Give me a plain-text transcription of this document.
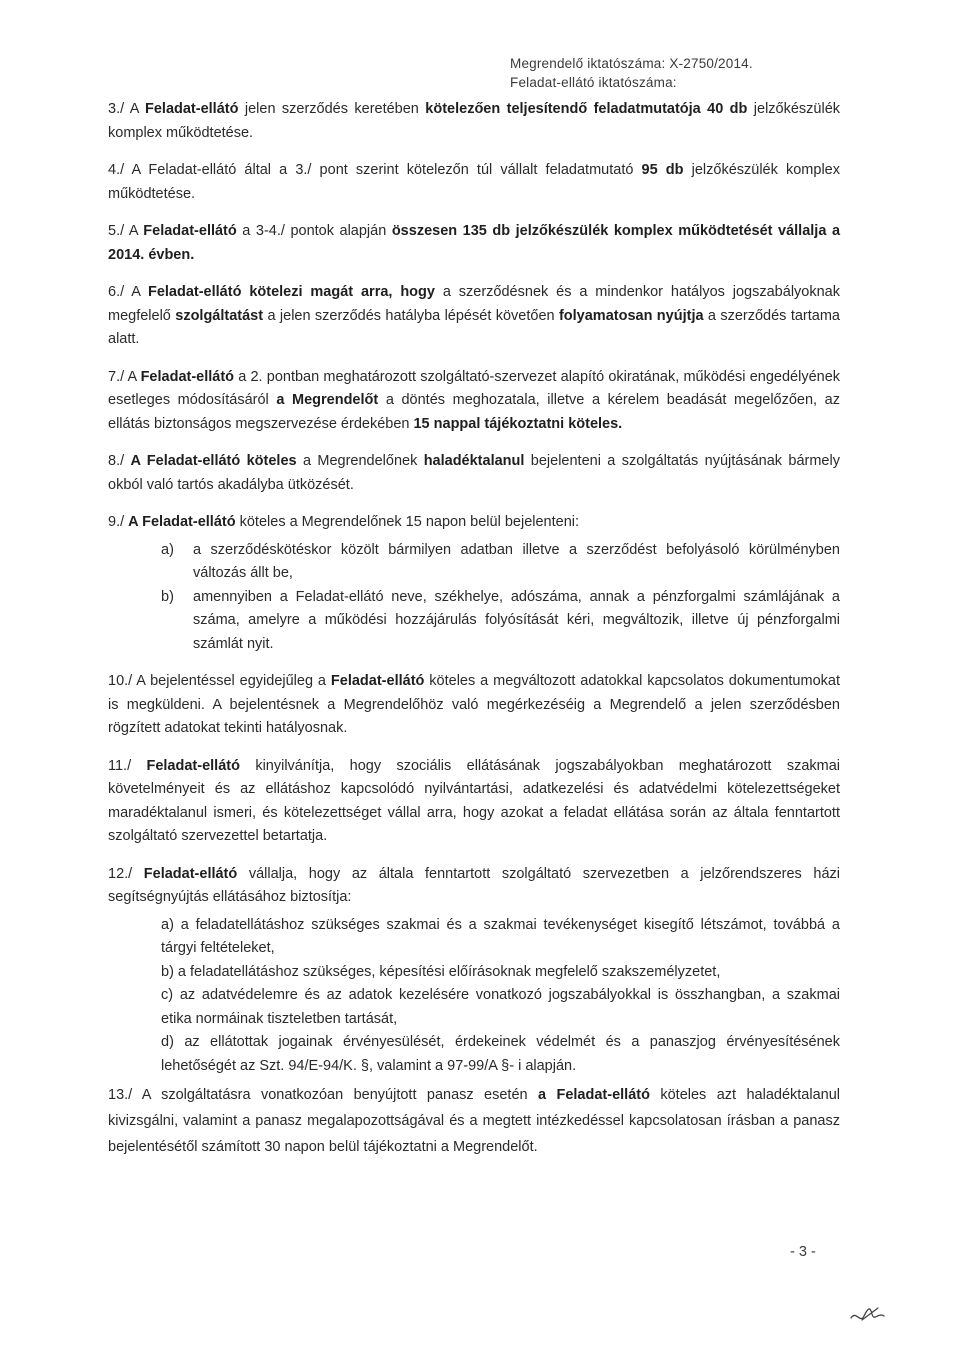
Megrendelő iktatószáma: X-2750/2014.
Feladat-ellátó iktatószáma:

3./ A Feladat-ellátó jelen szerződés keretében kötelezően teljesítendő feladatmutatója 40 db jelzőkészülék komplex működtetése.

4./ A Feladat-ellátó által a 3./ pont szerint kötelezőn túl vállalt feladatmutató 95 db jelzőkészülék komplex működtetése.

5./ A Feladat-ellátó a 3-4./ pontok alapján összesen 135 db jelzőkészülék komplex működtetését vállalja a 2014. évben.

6./ A Feladat-ellátó kötelezi magát arra, hogy a szerződésnek és a mindenkor hatályos jogszabályoknak megfelelő szolgáltatást a jelen szerződés hatályba lépését követően folyamatosan nyújtja a szerződés tartama alatt.

7./ A Feladat-ellátó a 2. pontban meghatározott szolgáltató-szervezet alapító okiratának, működési engedélyének esetleges módosításáról a Megrendelőt a döntés meghozatala, illetve a kérelem beadását megelőzően, az ellátás biztonságos megszervezése érdekében 15 nappal tájékoztatni köteles.

8./ A Feladat-ellátó köteles a Megrendelőnek haladéktalanul bejelenteni a szolgáltatás nyújtásának bármely okból való tartós akadályba ütközését.

9./ A Feladat-ellátó köteles a Megrendelőnek 15 napon belül bejelenteni:

a) a szerződéskötéskor közölt bármilyen adatban illetve a szerződést befolyásoló körülményben változás állt be,
b) amennyiben a Feladat-ellátó neve, székhelye, adószáma, annak a pénzforgalmi számlájának a száma, amelyre a működési hozzájárulás folyósítását kéri, megváltozik, illetve új pénzforgalmi számlát nyit.

10./ A bejelentéssel egyidejűleg a Feladat-ellátó köteles a megváltozott adatokkal kapcsolatos dokumentumokat is megküldeni. A bejelentésnek a Megrendelőhöz való megérkezéséig a Megrendelő a jelen szerződésben rögzített adatokat tekinti hatályosnak.

11./ Feladat-ellátó kinyilvánítja, hogy szociális ellátásának jogszabályokban meghatározott szakmai követelményeit és az ellátáshoz kapcsolódó nyilvántartási, adatkezelési és adatvédelmi kötelezettségeket maradéktalanul ismeri, és kötelezettséget vállal arra, hogy azokat a feladat ellátása során az általa fenntartott szolgáltató szervezettel betartatja.

12./ Feladat-ellátó vállalja, hogy az általa fenntartott szolgáltató szervezetben a jelzőrendszeres házi segítségnyújtás ellátásához biztosítja:

a) a feladatellátáshoz szükséges szakmai és a szakmai tevékenységet kisegítő létszámot, továbbá a tárgyi feltételeket,
b) a feladatellátáshoz szükséges, képesítési előírásoknak megfelelő szakszemélyzetet,
c) az adatvédelemre és az adatok kezelésére vonatkozó jogszabályokkal is összhangban, a szakmai etika normáinak tiszteletben tartását,
d) az ellátottak jogainak érvényesülését, érdekeinek védelmét és a panaszjog érvényesítésének lehetőségét az Szt. 94/E-94/K. §, valamint a 97-99/A §- i alapján.

13./ A szolgáltatásra vonatkozóan benyújtott panasz esetén a Feladat-ellátó köteles azt haladéktalanul kivizsgálni, valamint a panasz megalapozottságával és a megtett intézkedéssel kapcsolatosan írásban a panasz bejelentésétől számított 30 napon belül tájékoztatni a Megrendelőt.

- 3 -
